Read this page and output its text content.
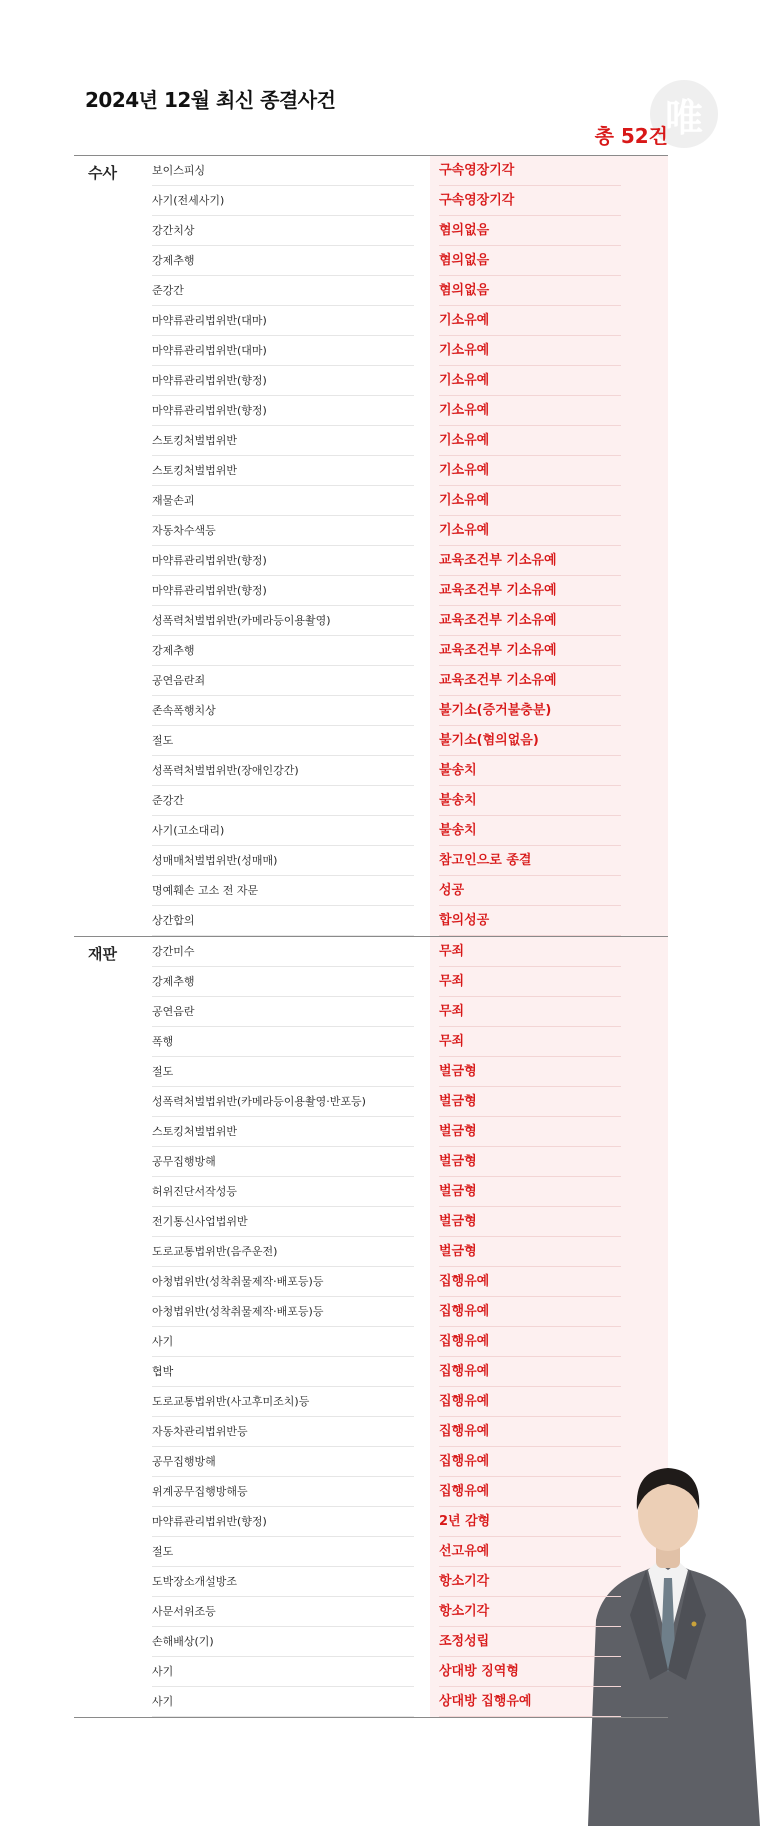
2024년 12월 최신 종결사건	唯
총 52건
수사	보이스피싱	구속영장기각
사기(전세사기)	구속영장기각
강간치상	혐의없음
강제추행	혐의없음
준강간	혐의없음
마약류관리법위반(대마)	기소유예
마약류관리법위반(대마)	기소유예
마약류관리법위반(향정)	기소유예
마약류관리법위반(향정)	기소유예
스토킹처벌법위반	기소유예
스토킹처벌법위반	기소유예
재물손괴	기소유예
자동차수색등	기소유예
마약류관리법위반(향정)	교육조건부 기소유예
마약류관리법위반(향정)	교육조건부 기소유예
성폭력처벌법위반(카메라등이용촬영)	교육조건부 기소유예
강제추행	교육조건부 기소유예
공연음란죄	교육조건부 기소유예
존속폭행치상	불기소(증거불충분)
절도	불기소(혐의없음)
성폭력처벌법위반(장애인강간)	불송치
준강간	불송치
사기(고소대리)	불송치
성매매처벌법위반(성매매)	참고인으로 종결
명예훼손 고소 전 자문	성공
상간합의	합의성공
재판	강간미수	무죄
강제추행	무죄
공연음란	무죄
폭행	무죄
절도	벌금형
성폭력처벌법위반(카메라등이용촬영·반포등)	벌금형
스토킹처벌법위반	벌금형
공무집행방해	벌금형
허위진단서작성등	벌금형
전기통신사업법위반	벌금형
도로교통법위반(음주운전)	벌금형
아청법위반(성착취물제작·배포등)등	집행유예
아청법위반(성착취물제작·배포등)등	집행유예
사기	집행유예
협박	집행유예
도로교통법위반(사고후미조치)등	집행유예
자동차관리법위반등	집행유예
공무집행방해	집행유예
위계공무집행방해등	집행유예
마약류관리법위반(향정)	2년 감형
절도	선고유예
도박장소개설방조	항소기각
사문서위조등	항소기각
손해배상(기)	조정성립
사기	상대방 징역형
사기	상대방 집행유예
